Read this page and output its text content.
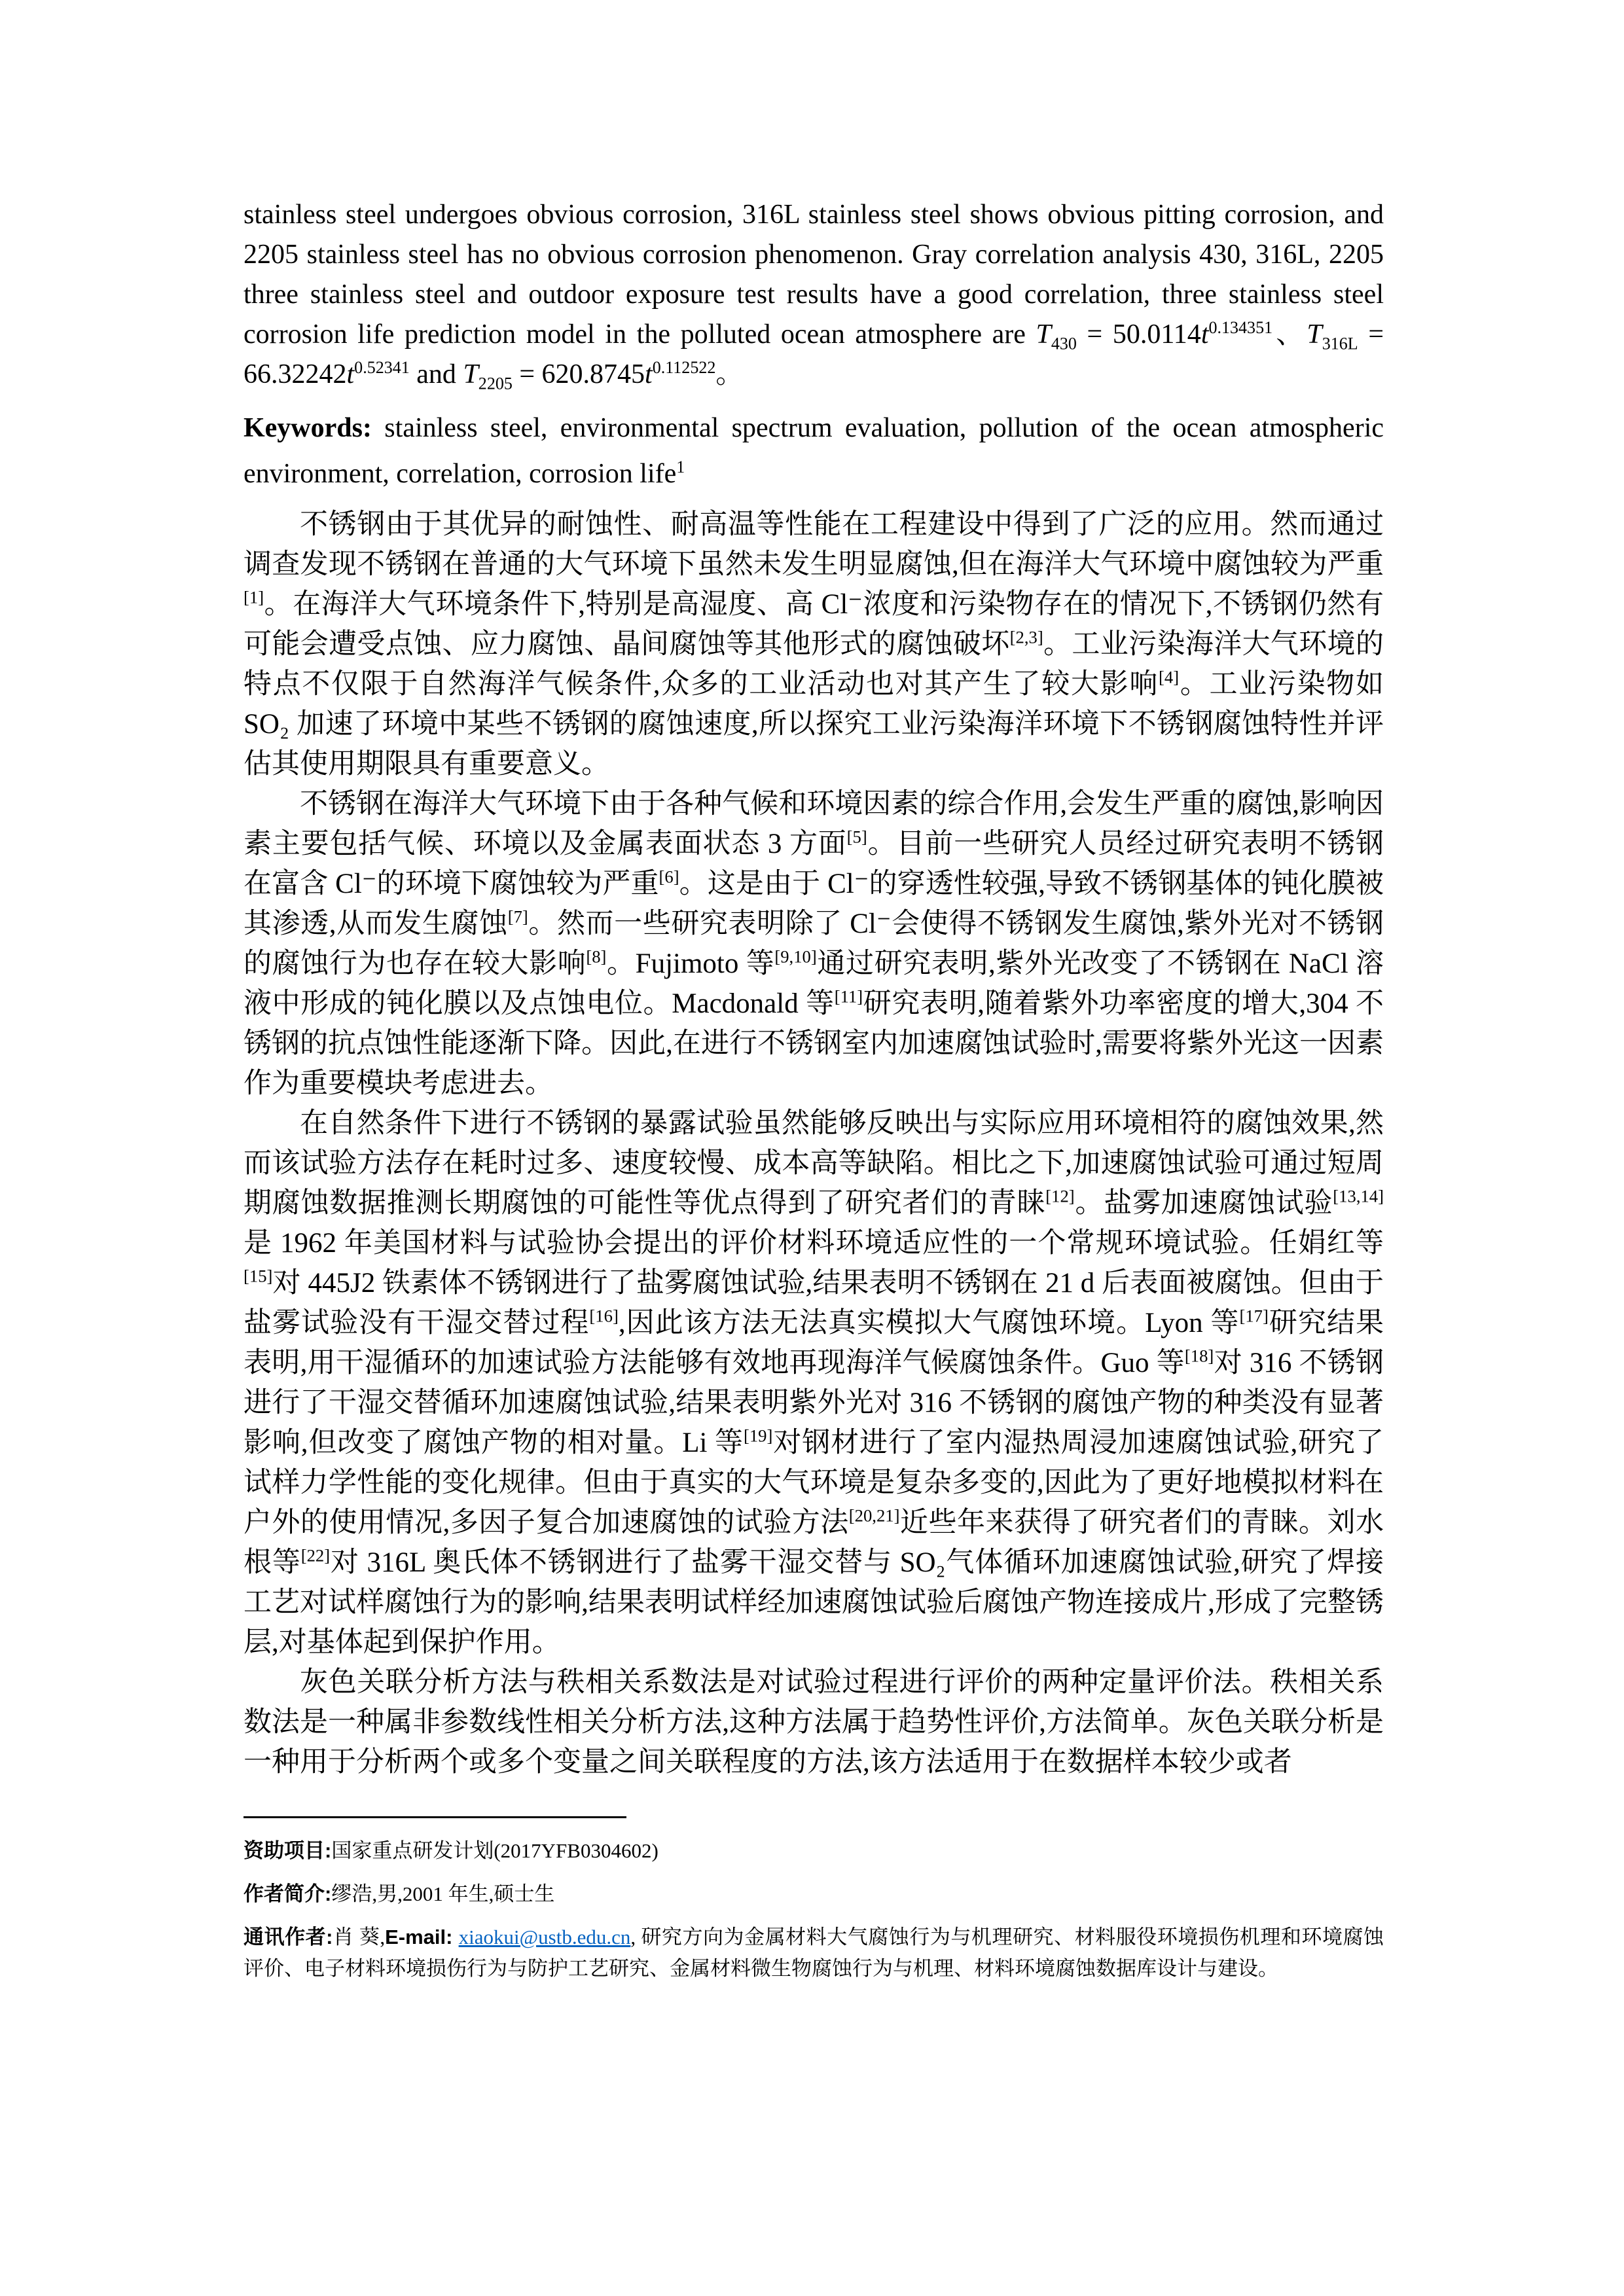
stainless steel undergoes obvious corrosion, 316L stainless steel shows obvious pitting corrosion, and 2205 stainless steel has no obvious corrosion phenomenon. Gray correlation analysis 430, 316L, 2205 three stainless steel and outdoor exposure test results have a good correlation, three stainless steel corrosion life prediction model in the polluted ocean atmosphere are $T_{430} = 50.0114t^{0.134351}$、$T_{316L} = 66.32242t^{0.52341}$ and $T_{2205} = 620.8745t^{0.112522}$。

Keywords: stainless steel, environmental spectrum evaluation, pollution of the ocean atmospheric environment, correlation, corrosion life$^1$

不锈钢由于其优异的耐蚀性、耐高温等性能在工程建设中得到了广泛的应用。然而通过调查发现不锈钢在普通的大气环境下虽然未发生明显腐蚀,但在海洋大气环境中腐蚀较为严重[1]。在海洋大气环境条件下,特别是高湿度、高 Cl⁻浓度和污染物存在的情况下,不锈钢仍然有可能会遭受点蚀、应力腐蚀、晶间腐蚀等其他形式的腐蚀破坏[2,3]。工业污染海洋大气环境的特点不仅限于自然海洋气候条件,众多的工业活动也对其产生了较大影响[4]。工业污染物如 SO₂ 加速了环境中某些不锈钢的腐蚀速度,所以探究工业污染海洋环境下不锈钢腐蚀特性并评估其使用期限具有重要意义。

不锈钢在海洋大气环境下由于各种气候和环境因素的综合作用,会发生严重的腐蚀,影响因素主要包括气候、环境以及金属表面状态 3 方面[5]。目前一些研究人员经过研究表明不锈钢在富含 Cl⁻的环境下腐蚀较为严重[6]。这是由于 Cl⁻的穿透性较强,导致不锈钢基体的钝化膜被其渗透,从而发生腐蚀[7]。然而一些研究表明除了 Cl⁻会使得不锈钢发生腐蚀,紫外光对不锈钢的腐蚀行为也存在较大影响[8]。Fujimoto 等[9,10]通过研究表明,紫外光改变了不锈钢在 NaCl 溶液中形成的钝化膜以及点蚀电位。Macdonald 等[11]研究表明,随着紫外功率密度的增大,304 不锈钢的抗点蚀性能逐渐下降。因此,在进行不锈钢室内加速腐蚀试验时,需要将紫外光这一因素作为重要模块考虑进去。

在自然条件下进行不锈钢的暴露试验虽然能够反映出与实际应用环境相符的腐蚀效果,然而该试验方法存在耗时过多、速度较慢、成本高等缺陷。相比之下,加速腐蚀试验可通过短周期腐蚀数据推测长期腐蚀的可能性等优点得到了研究者们的青睐[12]。盐雾加速腐蚀试验[13,14]是 1962 年美国材料与试验协会提出的评价材料环境适应性的一个常规环境试验。任娟红等[15]对 445J2 铁素体不锈钢进行了盐雾腐蚀试验,结果表明不锈钢在 21 d 后表面被腐蚀。但由于盐雾试验没有干湿交替过程[16],因此该方法无法真实模拟大气腐蚀环境。Lyon 等[17]研究结果表明,用干湿循环的加速试验方法能够有效地再现海洋气候腐蚀条件。Guo 等[18]对 316 不锈钢进行了干湿交替循环加速腐蚀试验,结果表明紫外光对 316 不锈钢的腐蚀产物的种类没有显著影响,但改变了腐蚀产物的相对量。Li 等[19]对钢材进行了室内湿热周浸加速腐蚀试验,研究了试样力学性能的变化规律。但由于真实的大气环境是复杂多变的,因此为了更好地模拟材料在户外的使用情况,多因子复合加速腐蚀的试验方法[20,21]近些年来获得了研究者们的青睐。刘水根等[22]对 316L 奥氏体不锈钢进行了盐雾干湿交替与 SO₂气体循环加速腐蚀试验,研究了焊接工艺对试样腐蚀行为的影响,结果表明试样经加速腐蚀试验后腐蚀产物连接成片,形成了完整锈层,对基体起到保护作用。

灰色关联分析方法与秩相关系数法是对试验过程进行评价的两种定量评价法。秩相关系数法是一种属非参数线性相关分析方法,这种方法属于趋势性评价,方法简单。灰色关联分析是一种用于分析两个或多个变量之间关联程度的方法,该方法适用于在数据样本较少或者

资助项目:国家重点研发计划(2017YFB0304602)

作者简介:缪浩,男,2001 年生,硕士生

通讯作者:肖 葵,E-mail: xiaokui@ustb.edu.cn, 研究方向为金属材料大气腐蚀行为与机理研究、材料服役环境损伤机理和环境腐蚀评价、电子材料环境损伤行为与防护工艺研究、金属材料微生物腐蚀行为与机理、材料环境腐蚀数据库设计与建设。
